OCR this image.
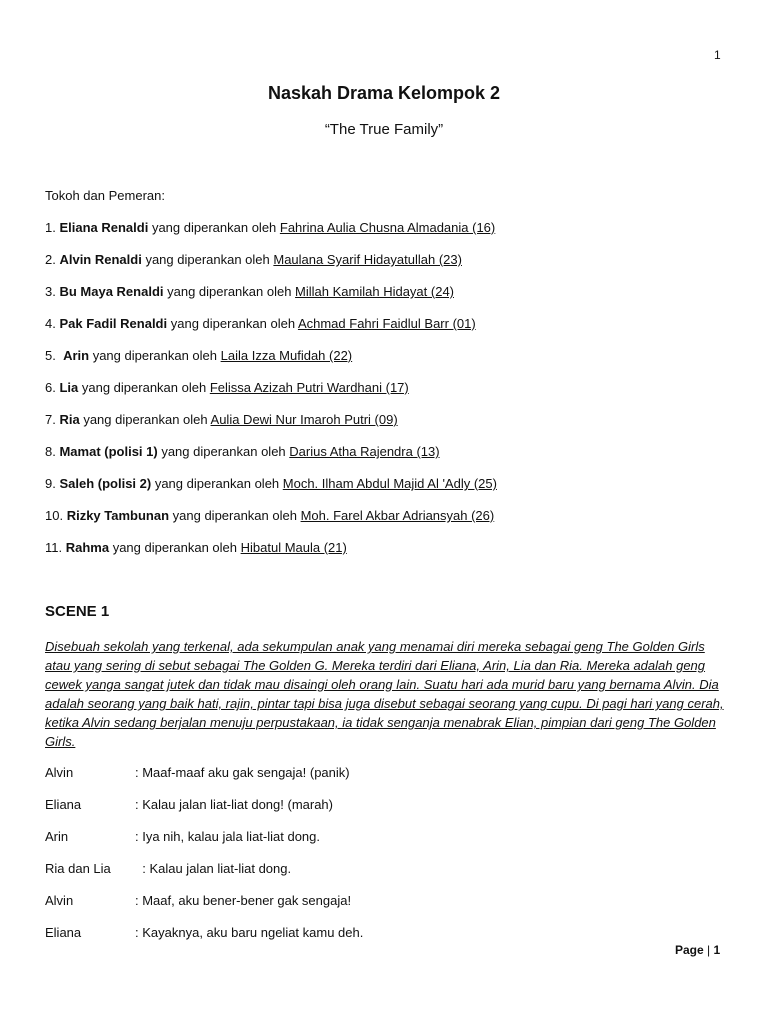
1
Naskah Drama Kelompok 2
“The True Family”
Tokoh dan Pemeran:
1. Eliana Renaldi yang diperankan oleh Fahrina Aulia Chusna Almadania (16)
2. Alvin Renaldi yang diperankan oleh Maulana Syarif Hidayatullah (23)
3. Bu Maya Renaldi yang diperankan oleh Millah Kamilah Hidayat (24)
4. Pak Fadil Renaldi yang diperankan oleh Achmad Fahri Faidlul Barr (01)
5.  Arin yang diperankan oleh Laila Izza Mufidah (22)
6. Lia yang diperankan oleh Felissa Azizah Putri Wardhani (17)
7. Ria yang diperankan oleh Aulia Dewi Nur Imaroh Putri (09)
8. Mamat (polisi 1) yang diperankan oleh Darius Atha Rajendra (13)
9. Saleh (polisi 2) yang diperankan oleh Moch. Ilham Abdul Majid Al 'Adly (25)
10. Rizky Tambunan yang diperankan oleh Moh. Farel Akbar Adriansyah (26)
11. Rahma yang diperankan oleh Hibatul Maula (21)
SCENE 1
Disebuah sekolah yang terkenal, ada sekumpulan anak yang menamai diri mereka sebagai geng The Golden Girls atau yang sering di sebut sebagai The Golden G. Mereka terdiri dari Eliana, Arin, Lia dan Ria. Mereka adalah geng cewek yanga sangat jutek dan tidak mau disaingi oleh orang lain. Suatu hari ada murid baru yang bernama Alvin. Dia adalah seorang yang baik hati, rajin, pintar tapi bisa juga disebut sebagai seorang yang cupu. Di pagi hari yang cerah, ketika Alvin sedang berjalan menuju perpustakaan, ia tidak senganja menabrak Elian, pimpian dari geng The Golden Girls.
Alvin	: Maaf-maaf aku gak sengaja! (panik)
Eliana	: Kalau jalan liat-liat dong! (marah)
Arin	: Iya nih, kalau jala liat-liat dong.
Ria dan Lia  : Kalau jalan liat-liat dong.
Alvin	: Maaf, aku bener-bener gak sengaja!
Eliana	: Kayaknya, aku baru ngeliat kamu deh.
Page | 1
